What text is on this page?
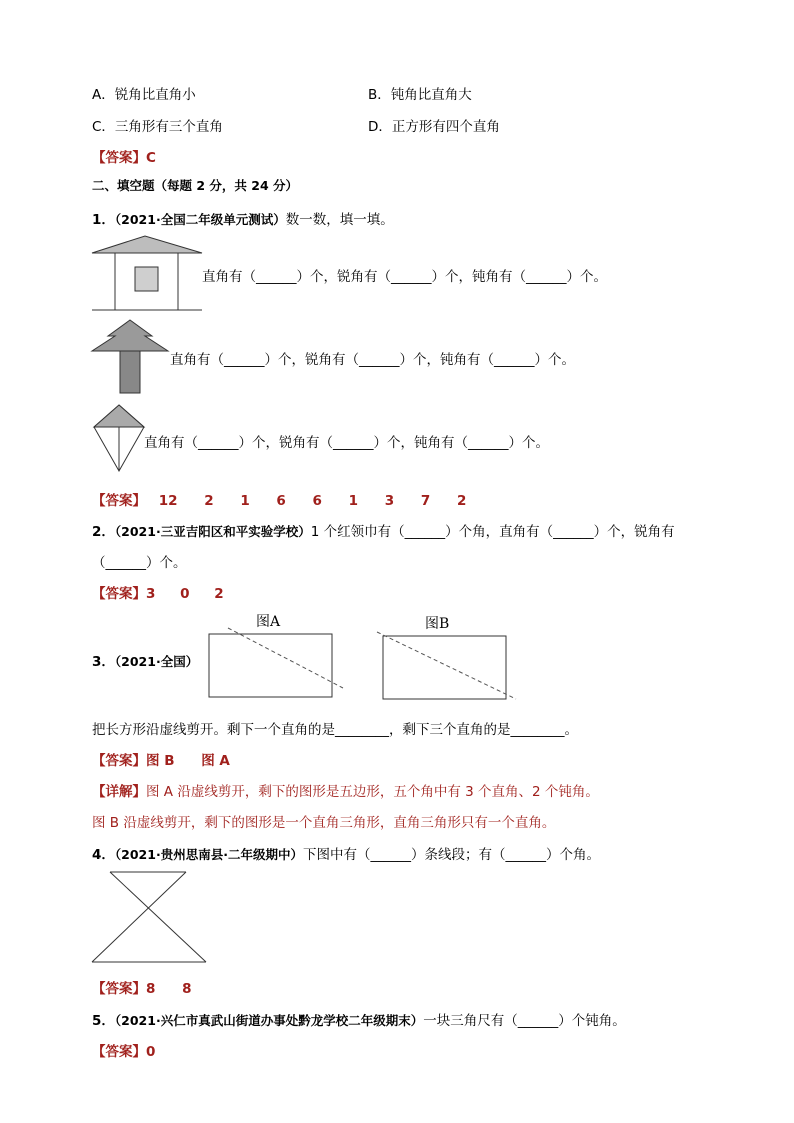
A．锐角比直角小	B．钝角比直角大
C．三角形有三个直角	D．正方形有四个直角
【答案】C
二、填空题（每题 2 分，共 24 分）
1．（2021·全国二年级单元测试）数一数，填一填。
直角有（______）个，锐角有（______）个，钝角有（______）个。
直角有（______）个，锐角有（______）个，钝角有（______）个。
直角有（______）个，锐角有（______）个，钝角有（______）个。
【答案】 12 2 1 6 6 1 3 7 2
2．（2021·三亚吉阳区和平实验学校）1 个红领巾有（______）个角，直角有（______）个，锐角有
（______）个。
【答案】3 0 2
3．（2021·全国）
图A	图B
把长方形沿虚线剪开。剩下一个直角的是________，剩下三个直角的是________。
【答案】图 B 图 A
【详解】图 A 沿虚线剪开，剩下的图形是五边形，五个角中有 3 个直角、2 个钝角。
图 B 沿虚线剪开，剩下的图形是一个直角三角形，直角三角形只有一个直角。
4．（2021·贵州思南县·二年级期中）下图中有（______）条线段；有（______）个角。
【答案】8 8
5．（2021·兴仁市真武山街道办事处黔龙学校二年级期末）一块三角尺有（______）个钝角。
【答案】0
